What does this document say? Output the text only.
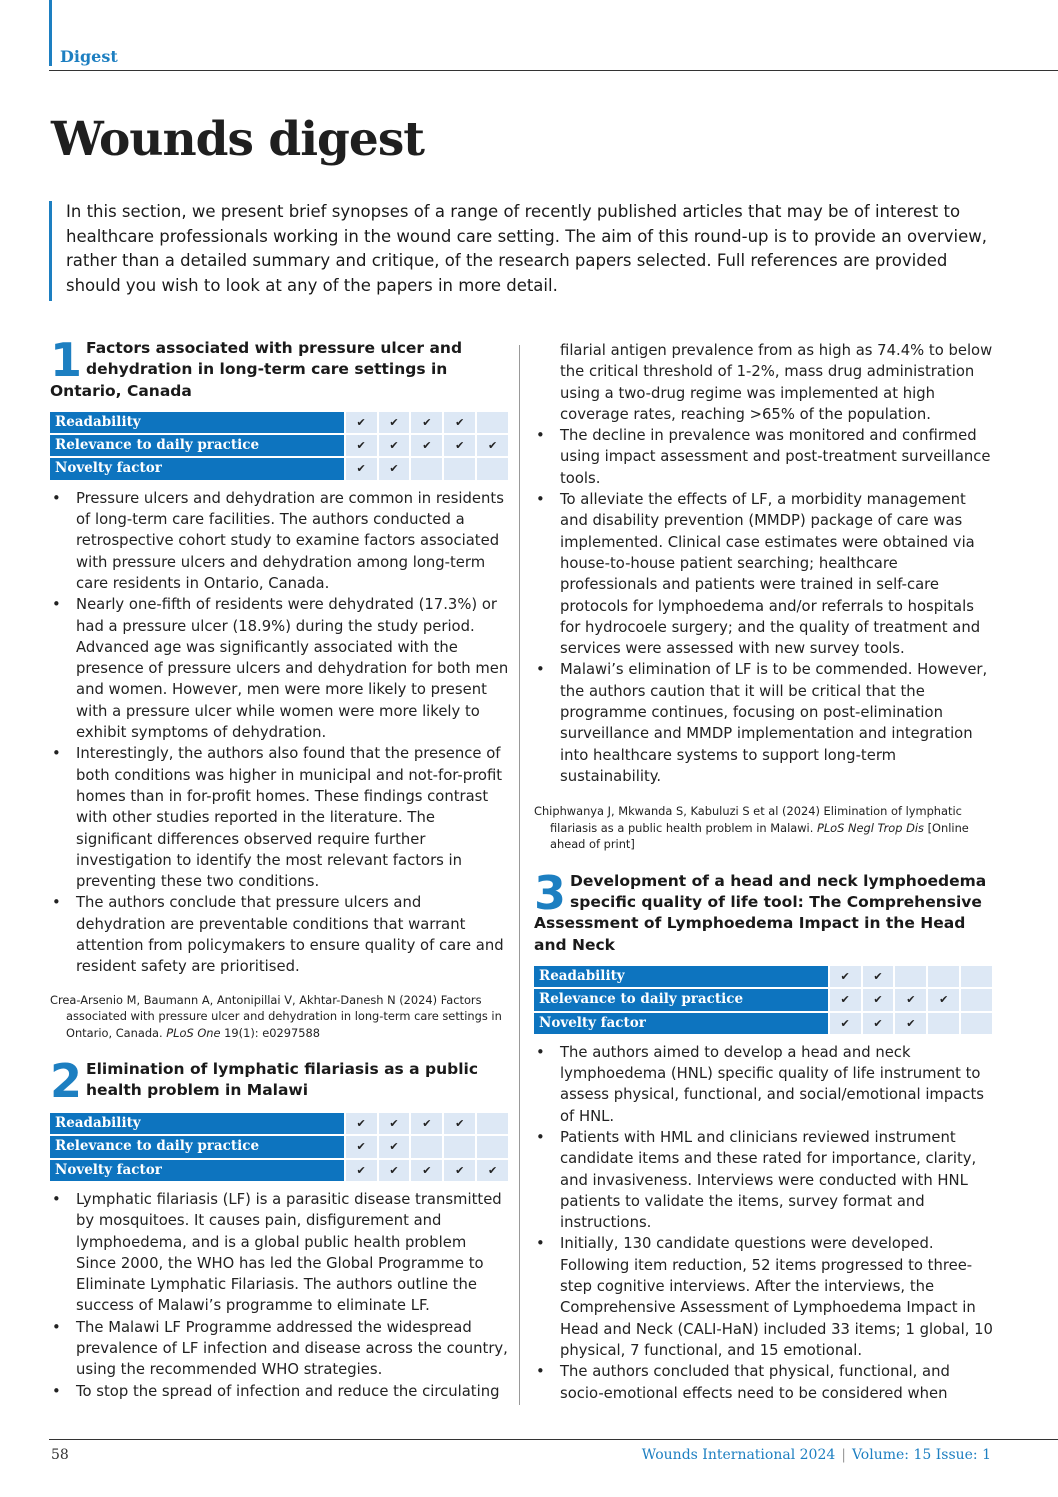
Digest
Wounds digest

In this section, we present brief synopses of a range of recently published articles that may be of interest to healthcare professionals working in the wound care setting. The aim of this round-up is to provide an overview, rather than a detailed summary and critique, of the research papers selected. Full references are provided should you wish to look at any of the papers in more detail.

1 Factors associated with pressure ulcer and dehydration in long-term care settings in Ontario, Canada
Readability	✔	✔	✔	✔	
Relevance to daily practice	✔	✔	✔	✔	✔
Novelty factor	✔	✔			
• Pressure ulcers and dehydration are common in residents of long-term care facilities. The authors conducted a retrospective cohort study to examine factors associated with pressure ulcers and dehydration among long-term care residents in Ontario, Canada.
• Nearly one-fifth of residents were dehydrated (17.3%) or had a pressure ulcer (18.9%) during the study period. Advanced age was significantly associated with the presence of pressure ulcers and dehydration for both men and women. However, men were more likely to present with a pressure ulcer while women were more likely to exhibit symptoms of dehydration.
• Interestingly, the authors also found that the presence of both conditions was higher in municipal and not-for-profit homes than in for-profit homes. These findings contrast with other studies reported in the literature. The significant differences observed require further investigation to identify the most relevant factors in preventing these two conditions.
• The authors conclude that pressure ulcers and dehydration are preventable conditions that warrant attention from policymakers to ensure quality of care and resident safety are prioritised.

Crea-Arsenio M, Baumann A, Antonipillai V, Akhtar-Danesh N (2024) Factors associated with pressure ulcer and dehydration in long-term care settings in Ontario, Canada. PLoS One 19(1): e0297588

2 Elimination of lymphatic filariasis as a public health problem in Malawi
Readability	✔	✔	✔	✔	
Relevance to daily practice	✔	✔			
Novelty factor	✔	✔	✔	✔	✔
• Lymphatic filariasis (LF) is a parasitic disease transmitted by mosquitoes. It causes pain, disfigurement and lymphoedema, and is a global public health problem Since 2000, the WHO has led the Global Programme to Eliminate Lymphatic Filariasis. The authors outline the success of Malawi’s programme to eliminate LF.
• The Malawi LF Programme addressed the widespread prevalence of LF infection and disease across the country, using the recommended WHO strategies.
• To stop the spread of infection and reduce the circulating

filarial antigen prevalence from as high as 74.4% to below the critical threshold of 1-2%, mass drug administration using a two-drug regime was implemented at high coverage rates, reaching >65% of the population.

• The decline in prevalence was monitored and confirmed using impact assessment and post-treatment surveillance tools.
• To alleviate the effects of LF, a morbidity management and disability prevention (MMDP) package of care was implemented. Clinical case estimates were obtained via house-to-house patient searching; healthcare professionals and patients were trained in self-care protocols for lymphoedema and/or referrals to hospitals for hydrocoele surgery; and the quality of treatment and services were assessed with new survey tools.
• Malawi’s elimination of LF is to be commended. However, the authors caution that it will be critical that the programme continues, focusing on post-elimination surveillance and MMDP implementation and integration into healthcare systems to support long-term sustainability.

Chiphwanya J, Mkwanda S, Kabuluzi S et al (2024) Elimination of lymphatic filariasis as a public health problem in Malawi. PLoS Negl Trop Dis [Online ahead of print]

3 Development of a head and neck lymphoedema specific quality of life tool: The Comprehensive Assessment of Lymphoedema Impact in the Head and Neck
Readability	✔	✔			
Relevance to daily practice	✔	✔	✔	✔	
Novelty factor	✔	✔	✔		
• The authors aimed to develop a head and neck lymphoedema (HNL) specific quality of life instrument to assess physical, functional, and social/emotional impacts of HNL.
• Patients with HML and clinicians reviewed instrument candidate items and these rated for importance, clarity, and invasiveness. Interviews were conducted with HNL patients to validate the items, survey format and instructions.
• Initially, 130 candidate questions were developed. Following item reduction, 52 items progressed to three-step cognitive interviews. After the interviews, the Comprehensive Assessment of Lymphoedema Impact in Head and Neck (CALI-HaN) included 33 items; 1 global, 10 physical, 7 functional, and 15 emotional.
• The authors concluded that physical, functional, and socio-emotional effects need to be considered when
58	Wounds International 2024 | Volume: 15 Issue: 1
